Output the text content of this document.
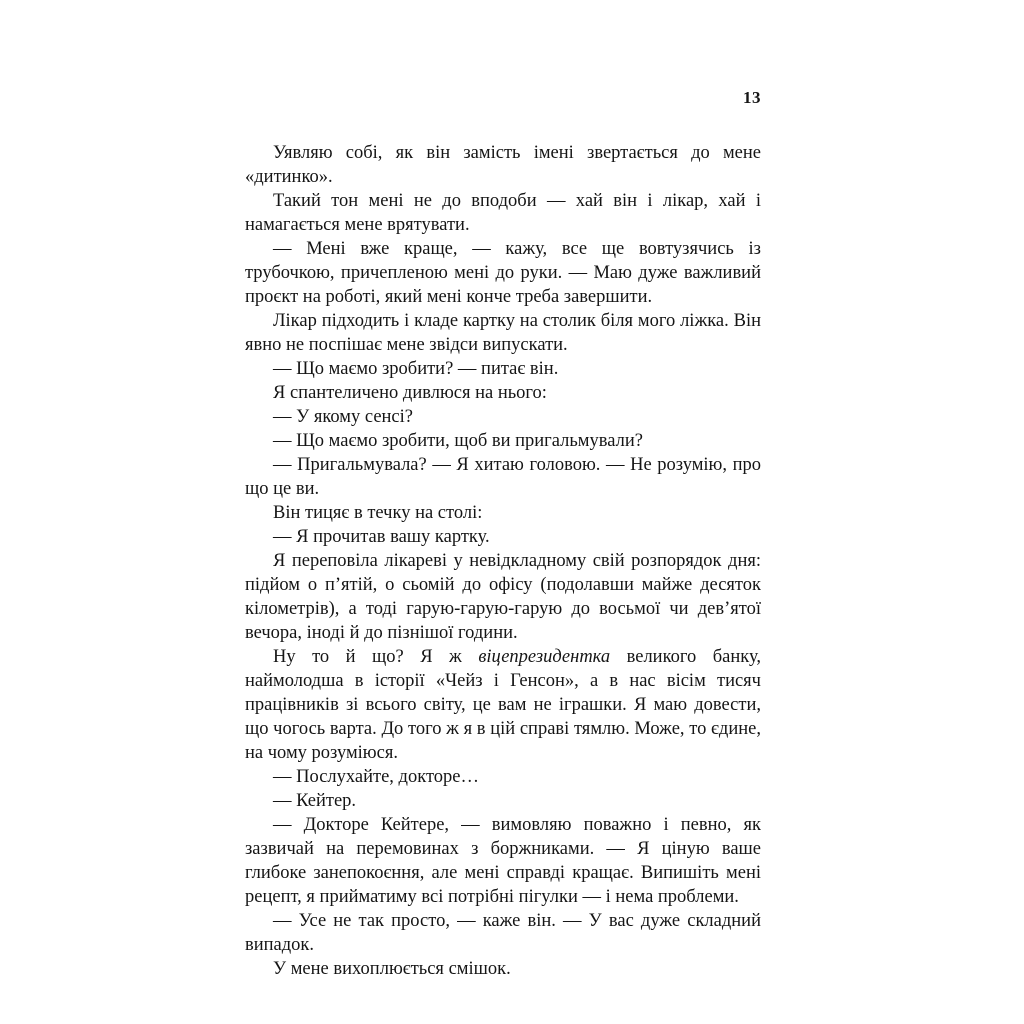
13

Уявляю собі, як він замість імені звертається до мене «дитинко».

Такий тон мені не до вподоби — хай він і лікар, хай і намагається мене врятувати.

— Мені вже краще, — кажу, все ще вовтузячись із трубочкою, причепленою мені до руки. — Маю дуже важливий проєкт на роботі, який мені конче треба завершити.

Лікар підходить і кладе картку на столик біля мого ліжка. Він явно не поспішає мене звідси випускати.

— Що маємо зробити? — питає він.

Я спантеличено дивлюся на нього:

— У якому сенсі?

— Що маємо зробити, щоб ви пригальмували?

— Пригальмувала? — Я хитаю головою. — Не розумію, про що це ви.

Він тицяє в течку на столі:

— Я прочитав вашу картку.

Я переповіла лікареві у невідкладному свій розпорядок дня: підйом о п’ятій, о сьомій до офісу (подолавши майже десяток кілометрів), а тоді гарую-гарую-гарую до восьмої чи дев’ятої вечора, іноді й до пізнішої години.

Ну то й що? Я ж віцепрезидентка великого банку, наймолодша в історії «Чейз і Генсон», а в нас вісім тисяч працівників зі всього світу, це вам не іграшки. Я маю довести, що чогось варта. До того ж я в цій справі тямлю. Може, то єдине, на чому розуміюся.

— Послухайте, докторе…

— Кейтер.

— Докторе Кейтере, — вимовляю поважно і певно, як зазвичай на перемовинах з боржниками. — Я ціную ваше глибоке занепокоєння, але мені справді кращає. Випишіть мені рецепт, я прийматиму всі потрібні пігулки — і нема проблеми.

— Усе не так просто, — каже він. — У вас дуже складний випадок.

У мене вихоплюється смішок.
